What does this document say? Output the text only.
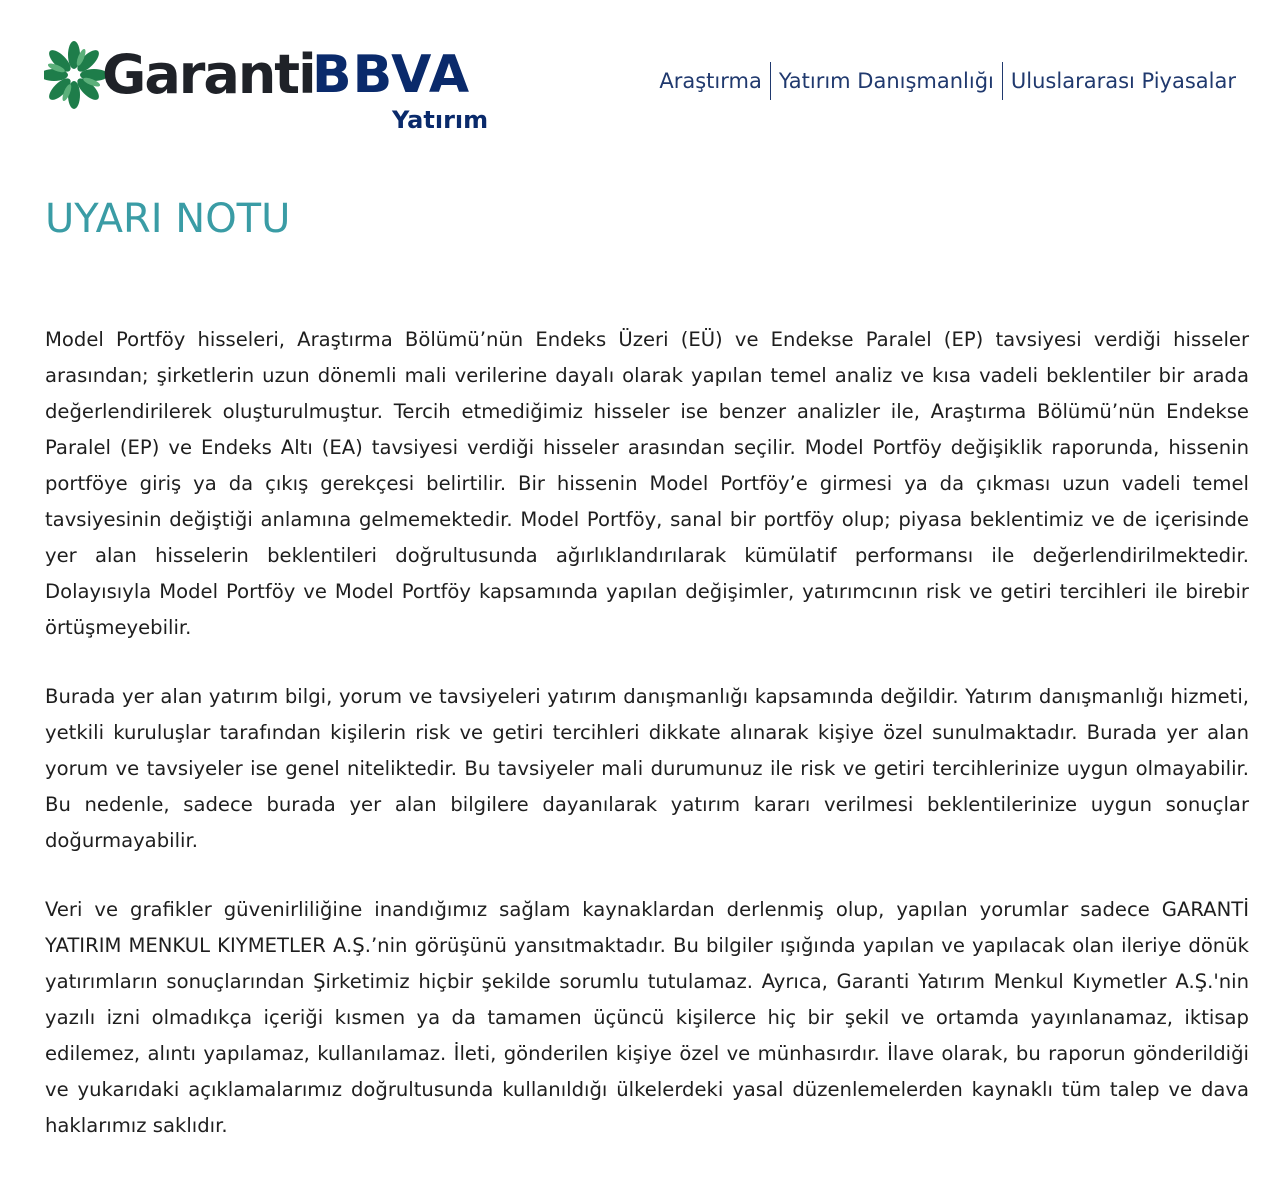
Garanti
BBVA
Yatırım
Araştırma Yatırım Danışmanlığı Uluslararası Piyasalar
UYARI NOTU

Model Portföy hisseleri, Araştırma Bölümü’nün Endeks Üzeri (EÜ) ve Endekse Paralel (EP) tavsiyesi verdiği hisseler arasından; şirketlerin uzun dönemli mali verilerine dayalı olarak yapılan temel analiz ve kısa vadeli beklentiler bir arada değerlendirilerek oluşturulmuştur. Tercih etmediğimiz hisseler ise benzer analizler ile, Araştırma Bölümü’nün Endekse Paralel (EP) ve Endeks Altı (EA) tavsiyesi verdiği hisseler arasından seçilir. Model Portföy değişiklik raporunda, hissenin portföye giriş ya da çıkış gerekçesi belirtilir. Bir hissenin Model Portföy’e girmesi ya da çıkması uzun vadeli temel tavsiyesinin değiştiği anlamına gelmemektedir. Model Portföy, sanal bir portföy olup; piyasa beklentimiz ve de içerisinde yer alan hisselerin beklentileri doğrultusunda ağırlıklandırılarak kümülatif performansı ile değerlendirilmektedir. Dolayısıyla Model Portföy ve Model Portföy kapsamında yapılan değişimler, yatırımcının risk ve getiri tercihleri ile birebir örtüşmeyebilir.

Burada yer alan yatırım bilgi, yorum ve tavsiyeleri yatırım danışmanlığı kapsamında değildir. Yatırım danışmanlığı hizmeti, yetkili kuruluşlar tarafından kişilerin risk ve getiri tercihleri dikkate alınarak kişiye özel sunulmaktadır. Burada yer alan yorum ve tavsiyeler ise genel niteliktedir. Bu tavsiyeler mali durumunuz ile risk ve getiri tercihlerinize uygun olmayabilir. Bu nedenle, sadece burada yer alan bilgilere dayanılarak yatırım kararı verilmesi beklentilerinize uygun sonuçlar doğurmayabilir.

Veri ve grafikler güvenirliliğine inandığımız sağlam kaynaklardan derlenmiş olup, yapılan yorumlar sadece GARANTİ YATIRIM MENKUL KIYMETLER A.Ş.’nin görüşünü yansıtmaktadır. Bu bilgiler ışığında yapılan ve yapılacak olan ileriye dönük yatırımların sonuçlarından Şirketimiz hiçbir şekilde sorumlu tutulamaz. Ayrıca, Garanti Yatırım Menkul Kıymetler A.Ş.'nin yazılı izni olmadıkça içeriği kısmen ya da tamamen üçüncü kişilerce hiç bir şekil ve ortamda yayınlanamaz, iktisap edilemez, alıntı yapılamaz, kullanılamaz. İleti, gönderilen kişiye özel ve münhasırdır. İlave olarak, bu raporun gönderildiği ve yukarıdaki açıklamalarımız doğrultusunda kullanıldığı ülkelerdeki yasal düzenlemelerden kaynaklı tüm talep ve dava haklarımız saklıdır.
